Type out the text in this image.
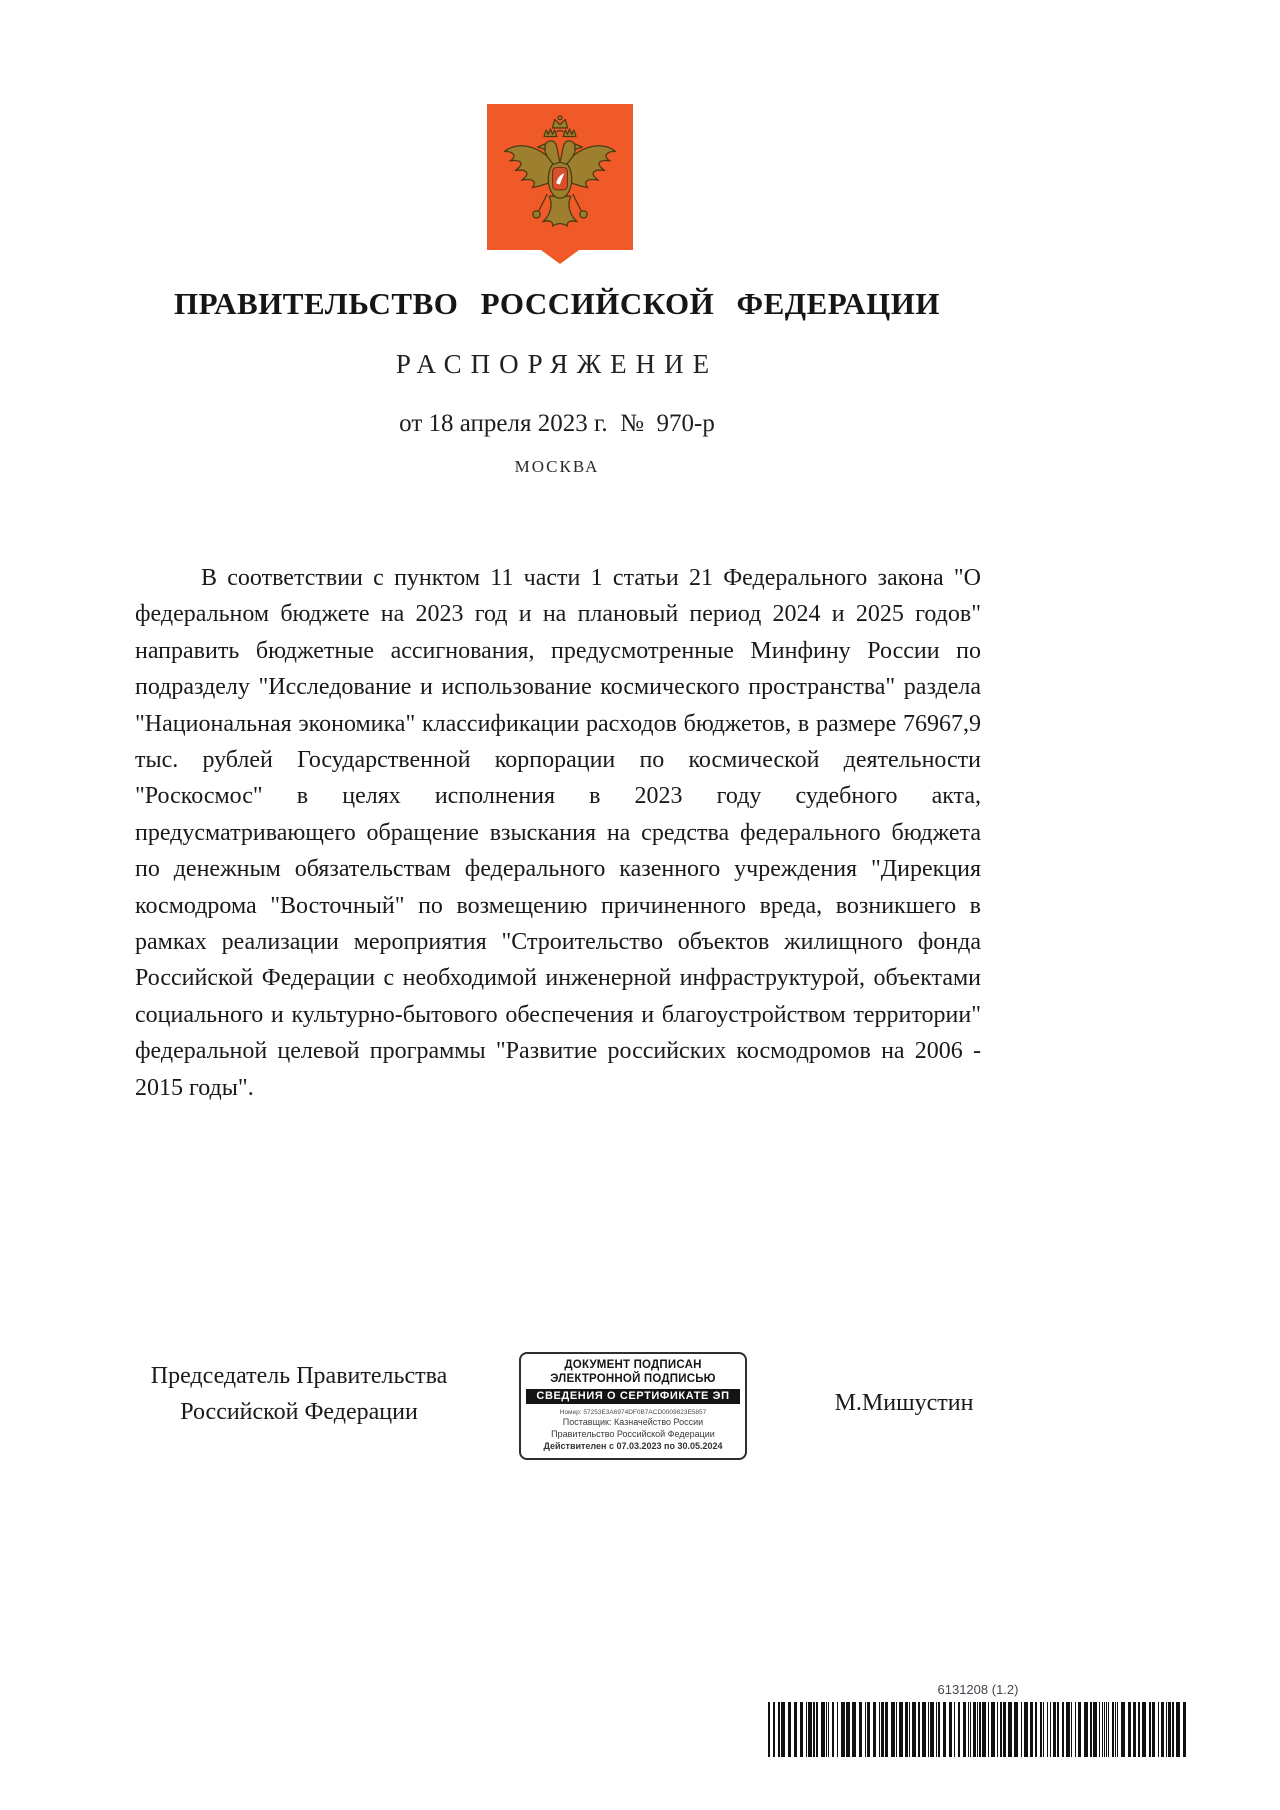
ПРАВИТЕЛЬСТВО РОССИЙСКОЙ ФЕДЕРАЦИИ
РАСПОРЯЖЕНИЕ
от 18 апреля 2023 г.  №  970-р
МОСКВА
В соответствии с пунктом 11 части 1 статьи 21 Федерального закона "О федеральном бюджете на 2023 год и на плановый период 2024 и 2025 годов" направить бюджетные ассигнования, предусмотренные Минфину России по подразделу "Исследование и использование космического пространства" раздела "Национальная экономика" классификации расходов бюджетов, в размере 76967,9 тыс. рублей Государственной корпорации по космической деятельности "Роскосмос" в целях исполнения в 2023 году судебного акта, предусматривающего обращение взыскания на средства федерального бюджета по денежным обязательствам федерального казенного учреждения "Дирекция космодрома "Восточный" по возмещению причиненного вреда, возникшего в рамках реализации мероприятия "Строительство объектов жилищного фонда Российской Федерации с необходимой инженерной инфраструктурой, объектами социального и культурно-бытового обеспечения и благоустройством территории" федеральной целевой программы "Развитие российских космодромов на 2006 - 2015 годы".
Председатель Правительства
Российской Федерации
ДОКУМЕНТ ПОДПИСАН
ЭЛЕКТРОННОЙ ПОДПИСЬЮ
СВЕДЕНИЯ О СЕРТИФИКАТЕ ЭП
Номер: 57253E3A6974DF0B7ACD0009823E5857
Поставщик: Казначейство России
Правительство Российской Федерации
Действителен с 07.03.2023 по 30.05.2024
М.Мишустин
6131208 (1.2)
